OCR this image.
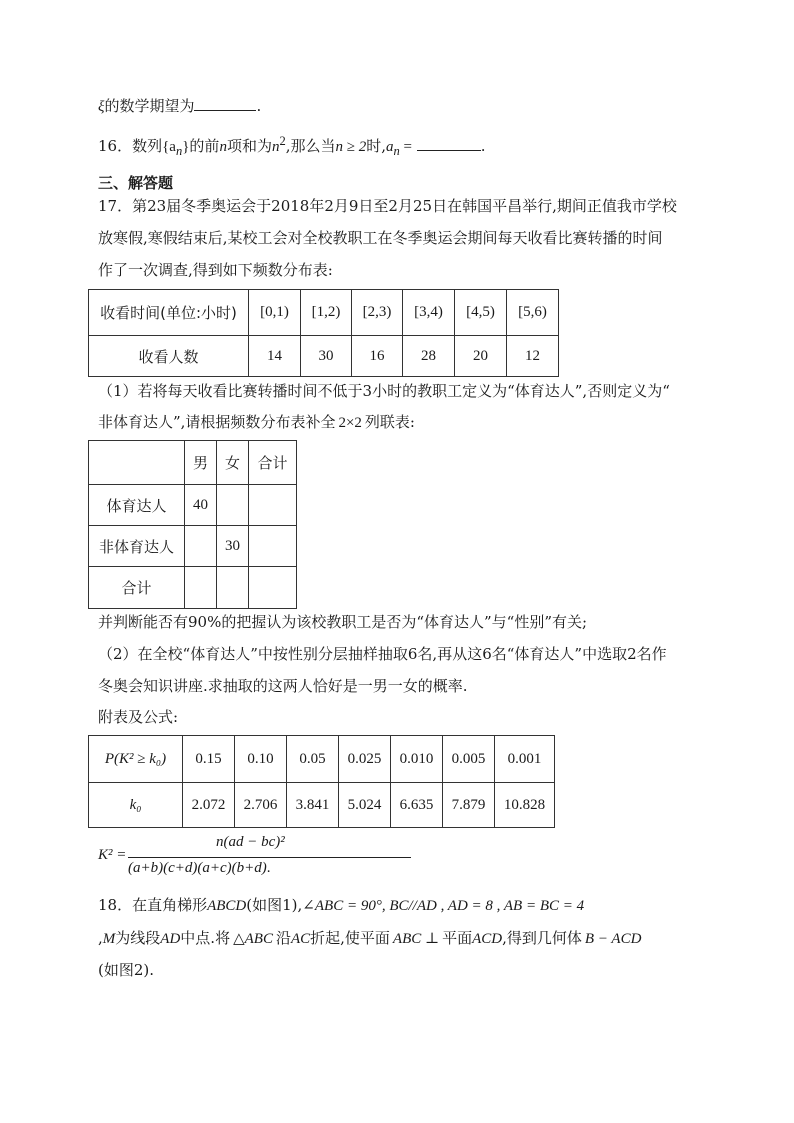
ξ的数学期望为	.
16．数列$\{a_n\}$的前n项和为$n^2$,那么当n ≥ 2时$,a_n$ =	.
三、解答题
17．第23届冬季奥运会于2018年2月9日至2月25日在韩国平昌举行,期间正值我市学校
放寒假,寒假结束后,某校工会对全校教职工在冬季奥运会期间每天收看比赛转播的时间
作了一次调查,得到如下频数分布表:
收看时间(单位:小时)	[0,1)	[1,2)	[2,3)	[3,4)	[4,5)	[5,6)
收看人数	14	30	16	28	20	12
（1）若将每天收看比赛转播时间不低于3小时的教职工定义为“体育达人”,否则定义为“
非体育达人”,请根据频数分布表补全 2×2 列联表:
	男	女	合计
体育达人	40		
非体育达人		30	
合计			
并判断能否有90%的把握认为该校教职工是否为“体育达人”与“性别”有关;
（2）在全校“体育达人”中按性别分层抽样抽取6名,再从这6名“体育达人”中选取2名作
冬奥会知识讲座.求抽取的这两人恰好是一男一女的概率.
附表及公式:
P(K² ≥ k₀)	0.15	0.10	0.05	0.025	0.010	0.005	0.001
k₀	2.072	2.706	3.841	5.024	6.635	7.879	10.828
K² =
n(ad − bc)²
(a+b)(c+d)(a+c)(b+d).
18．在直角梯形ABCD(如图1),∠ABC = 90°, BC//AD , AD = 8 , AB = BC = 4
,M为线段AD中点.将 △ABC 沿AC折起,使平面 ABC ⊥ 平面ACD,得到几何体 B − ACD
(如图2).
